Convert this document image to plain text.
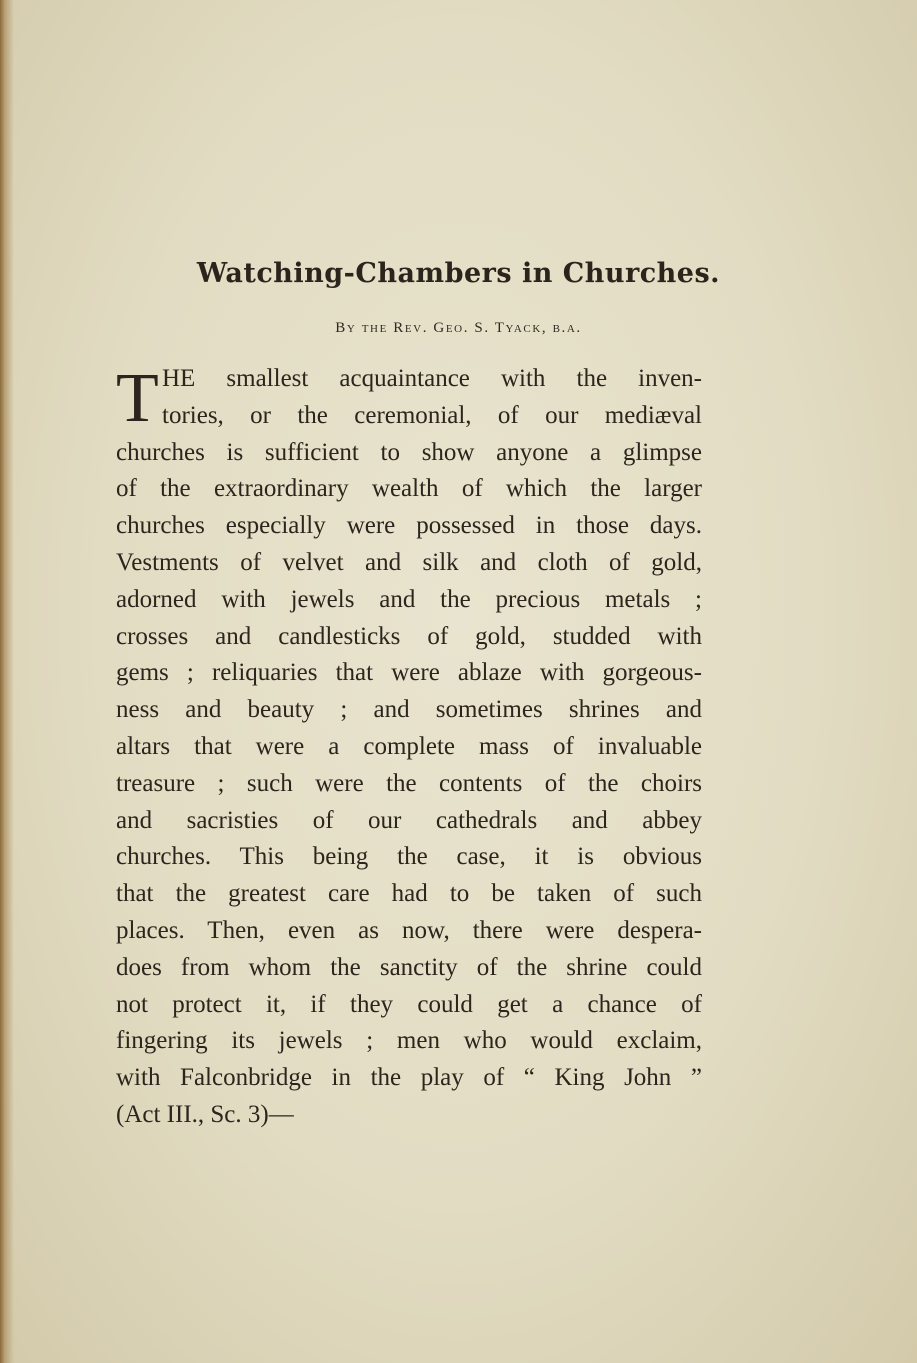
Watching-Chambers in Churches.
By the Rev. Geo. S. Tyack, b.a.
T HE smallest acquaintance with the inven-
tories, or the ceremonial, of our mediæval
churches is sufficient to show anyone a glimpse
of the extraordinary wealth of which the larger
churches especially were possessed in those days.
Vestments of velvet and silk and cloth of gold,
adorned with jewels and the precious metals ;
crosses and candlesticks of gold, studded with
gems ; reliquaries that were ablaze with gorgeous-
ness and beauty ; and sometimes shrines and
altars that were a complete mass of invaluable
treasure ; such were the contents of the choirs
and sacristies of our cathedrals and abbey
churches. This being the case, it is obvious
that the greatest care had to be taken of such
places. Then, even as now, there were despera-
does from whom the sanctity of the shrine could
not protect it, if they could get a chance of
fingering its jewels ; men who would exclaim,
with Falconbridge in the play of “ King John ”
(Act III., Sc. 3)—
